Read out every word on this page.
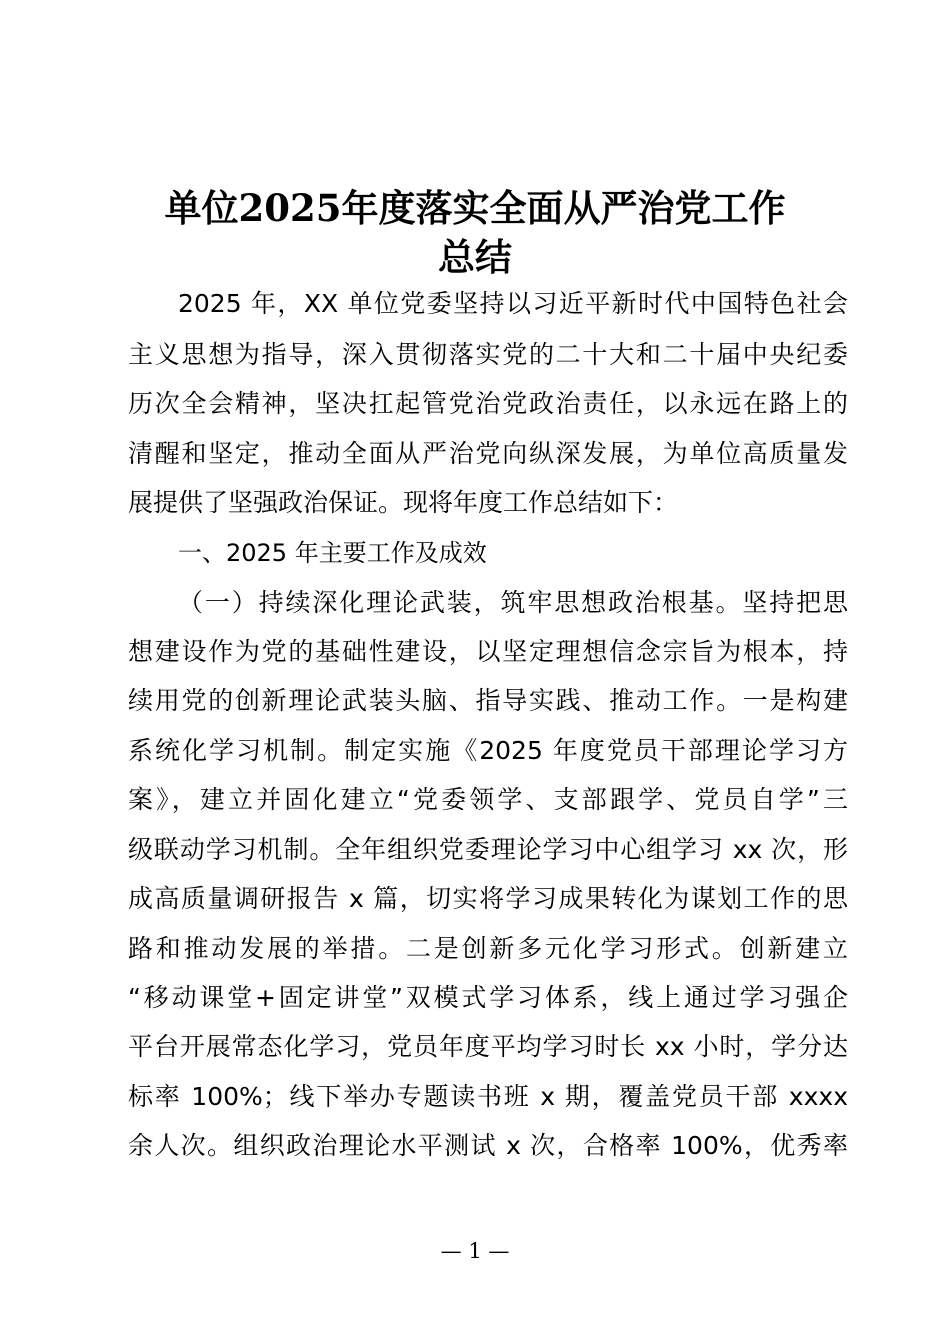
单位2025年度落实全面从严治党工作
总结
2025 年，XX 单位党委坚持以习近平新时代中国特色社会
主义思想为指导，深入贯彻落实党的二十大和二十届中央纪委
历次全会精神，坚决扛起管党治党政治责任，以永远在路上的
清醒和坚定，推动全面从严治党向纵深发展，为单位高质量发
展提供了坚强政治保证。现将年度工作总结如下：
一、2025 年主要工作及成效
（一）持续深化理论武装，筑牢思想政治根基。坚持把思
想建设作为党的基础性建设，以坚定理想信念宗旨为根本，持
续用党的创新理论武装头脑、指导实践、推动工作。一是构建
系统化学习机制。制定实施《2025 年度党员干部理论学习方
案》，建立并固化建立“党委领学、支部跟学、党员自学”三
级联动学习机制。全年组织党委理论学习中心组学习 xx 次，形
成高质量调研报告 x 篇，切实将学习成果转化为谋划工作的思
路和推动发展的举措。二是创新多元化学习形式。创新建立
“移动课堂+固定讲堂”双模式学习体系，线上通过学习强企
平台开展常态化学习，党员年度平均学习时长 xx 小时，学分达
标率 100%；线下举办专题读书班 x 期，覆盖党员干部 xxxx
余人次。组织政治理论水平测试 x 次，合格率 100%，优秀率
— 1 —
